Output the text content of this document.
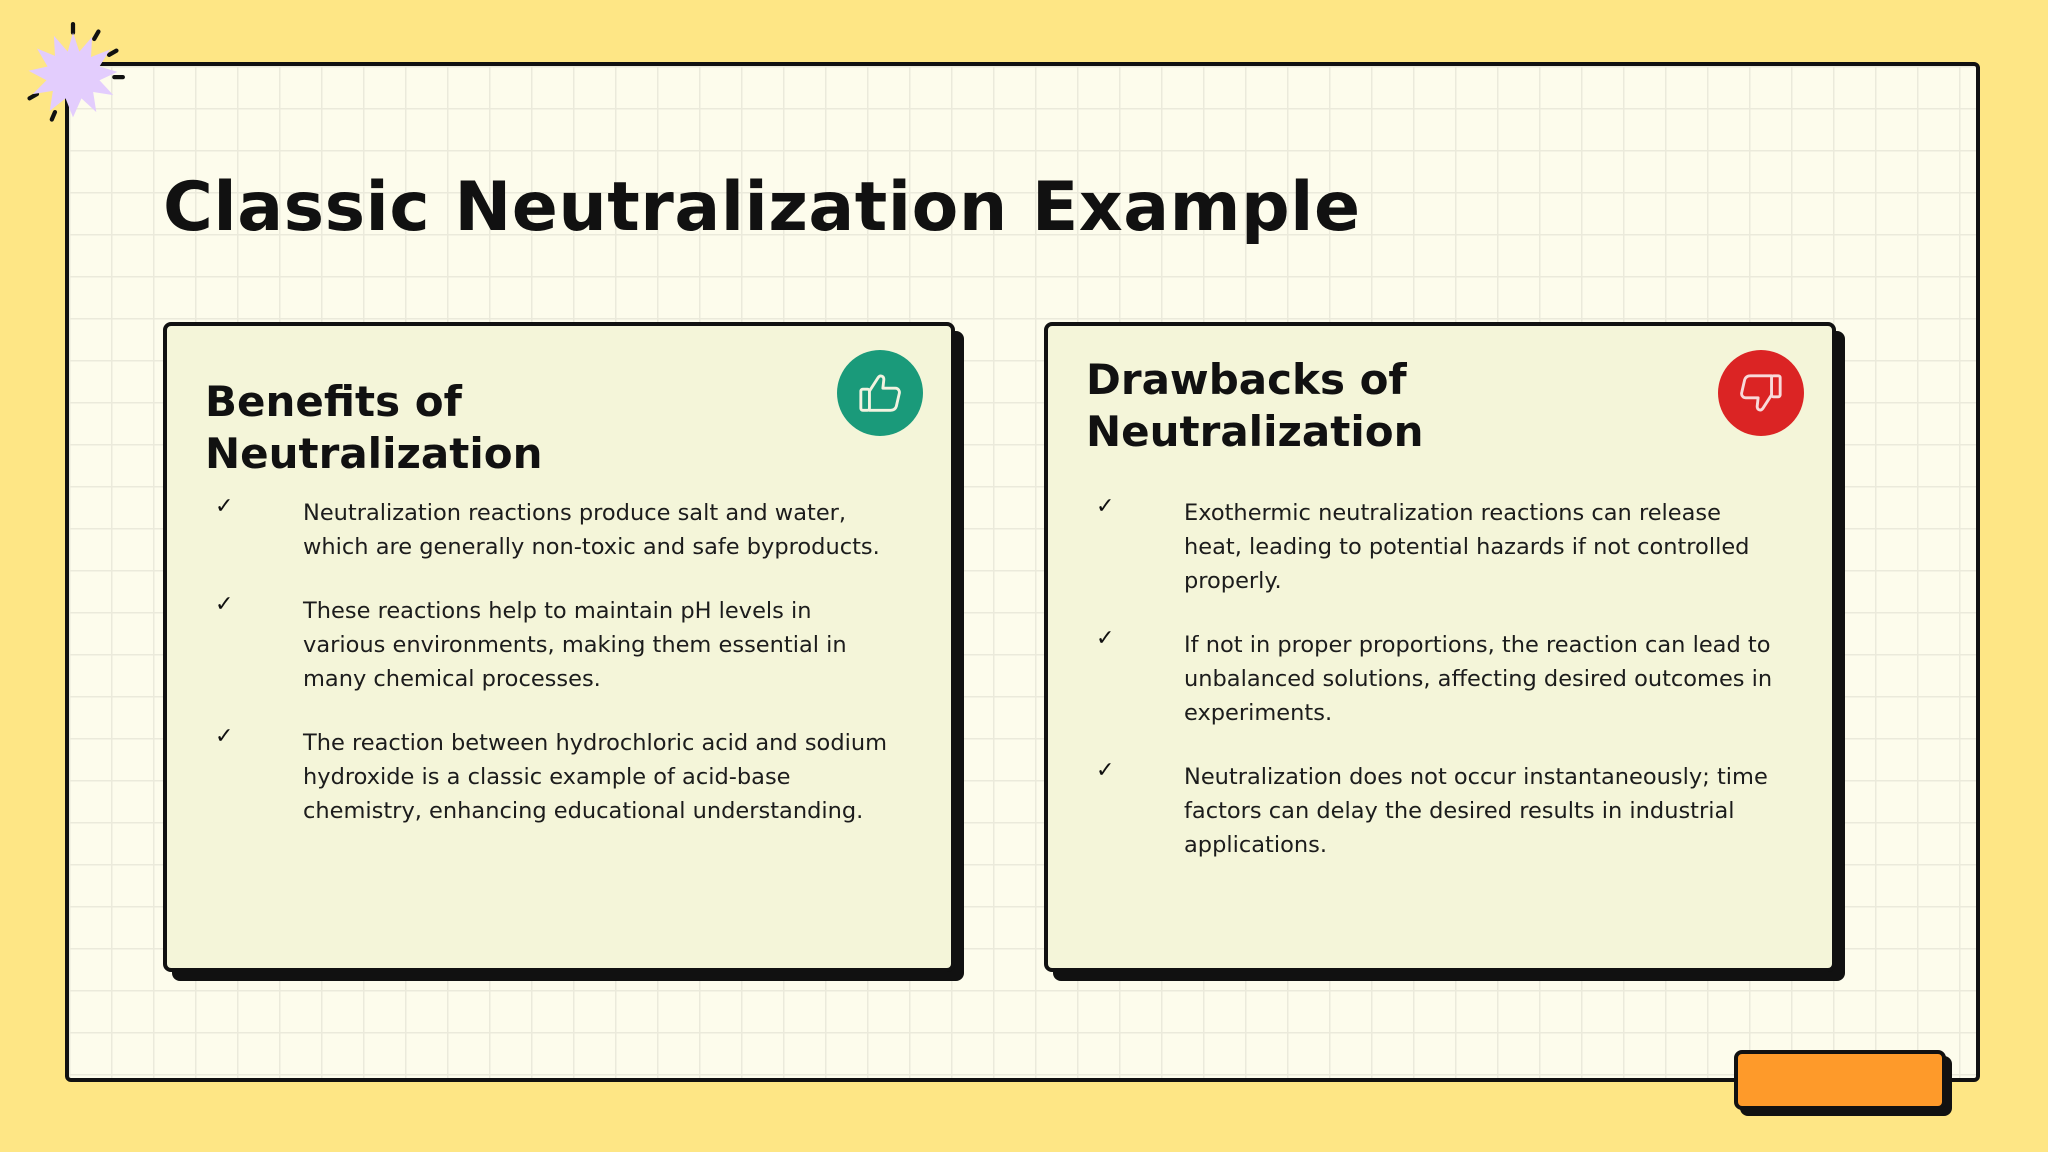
Classic Neutralization Example
Benefits of Neutralization
✓	Neutralization reactions produce salt and water, which are generally non-toxic and safe byproducts.
✓	These reactions help to maintain pH levels in various environments, making them essential in many chemical processes.
✓	The reaction between hydrochloric acid and sodium hydroxide is a classic example of acid-base chemistry, enhancing educational understanding.
Drawbacks of Neutralization
✓	Exothermic neutralization reactions can release heat, leading to potential hazards if not controlled properly.
✓	If not in proper proportions, the reaction can lead to unbalanced solutions, affecting desired outcomes in experiments.
✓	Neutralization does not occur instantaneously; time factors can delay the desired results in industrial applications.
